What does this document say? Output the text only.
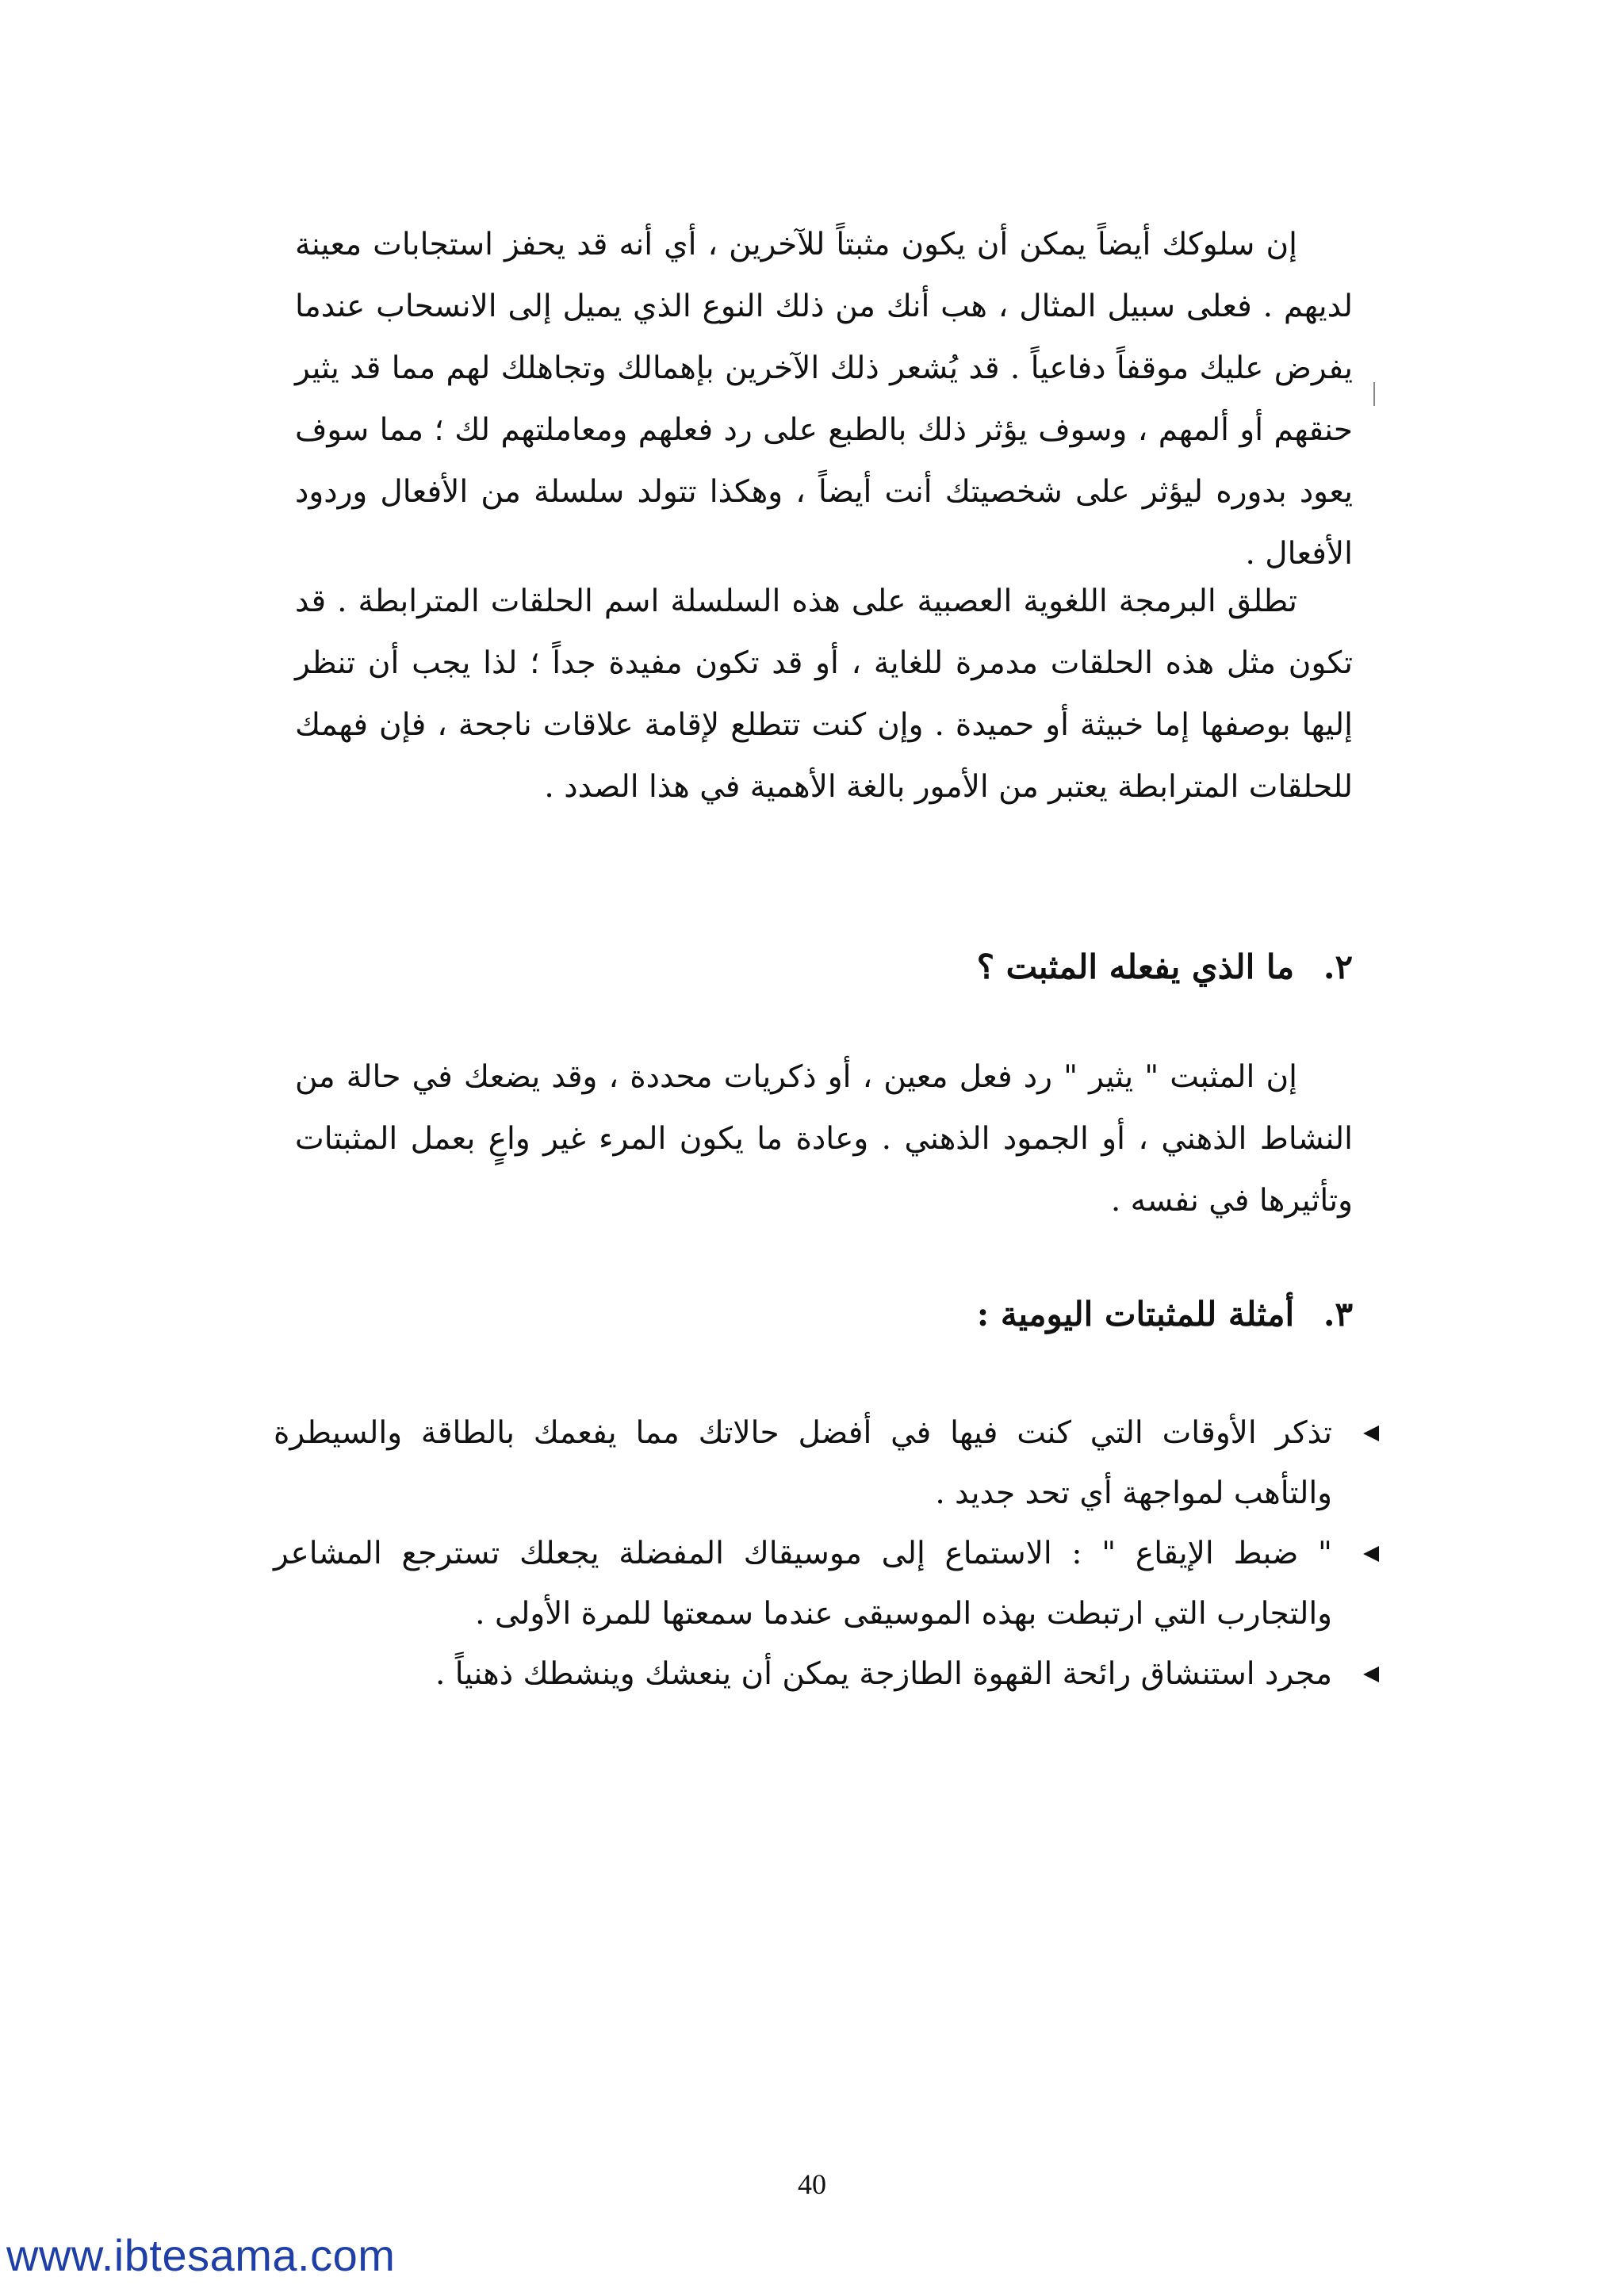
إن سلوكك أيضاً يمكن أن يكون مثبتاً للآخرين ، أي أنه قد يحفز استجابات معينة لديهم . فعلى سبيل المثال ، هب أنك من ذلك النوع الذي يميل إلى الانسحاب عندما يفرض عليك موقفاً دفاعياً . قد يُشعر ذلك الآخرين بإهمالك وتجاهلك لهم مما قد يثير حنقهم أو ألمهم ، وسوف يؤثر ذلك بالطبع على رد فعلهم ومعاملتهم لك ؛ مما سوف يعود بدوره ليؤثر على شخصيتك أنت أيضاً ، وهكذا تتولد سلسلة من الأفعال وردود الأفعال .

تطلق البرمجة اللغوية العصبية على هذه السلسلة اسم الحلقات المترابطة . قد تكون مثل هذه الحلقات مدمرة للغاية ، أو قد تكون مفيدة جداً ؛ لذا يجب أن تنظر إليها بوصفها إما خبيثة أو حميدة . وإن كنت تتطلع لإقامة علاقات ناجحة ، فإن فهمك للحلقات المترابطة يعتبر من الأمور بالغة الأهمية في هذا الصدد .

٢. ما الذي يفعله المثبت ؟

إن المثبت " يثير " رد فعل معين ، أو ذكريات محددة ، وقد يضعك في حالة من النشاط الذهني ، أو الجمود الذهني . وعادة ما يكون المرء غير واعٍ بعمل المثبتات وتأثيرها في نفسه .

٣. أمثلة للمثبتات اليومية :
تذكر الأوقات التي كنت فيها في أفضل حالاتك مما يفعمك بالطاقة والسيطرة والتأهب لمواجهة أي تحد جديد .
" ضبط الإيقاع " : الاستماع إلى موسيقاك المفضلة يجعلك تسترجع المشاعر والتجارب التي ارتبطت بهذه الموسيقى عندما سمعتها للمرة الأولى .
مجرد استنشاق رائحة القهوة الطازجة يمكن أن ينعشك وينشطك ذهنياً .
40
www.ibtesama.com
